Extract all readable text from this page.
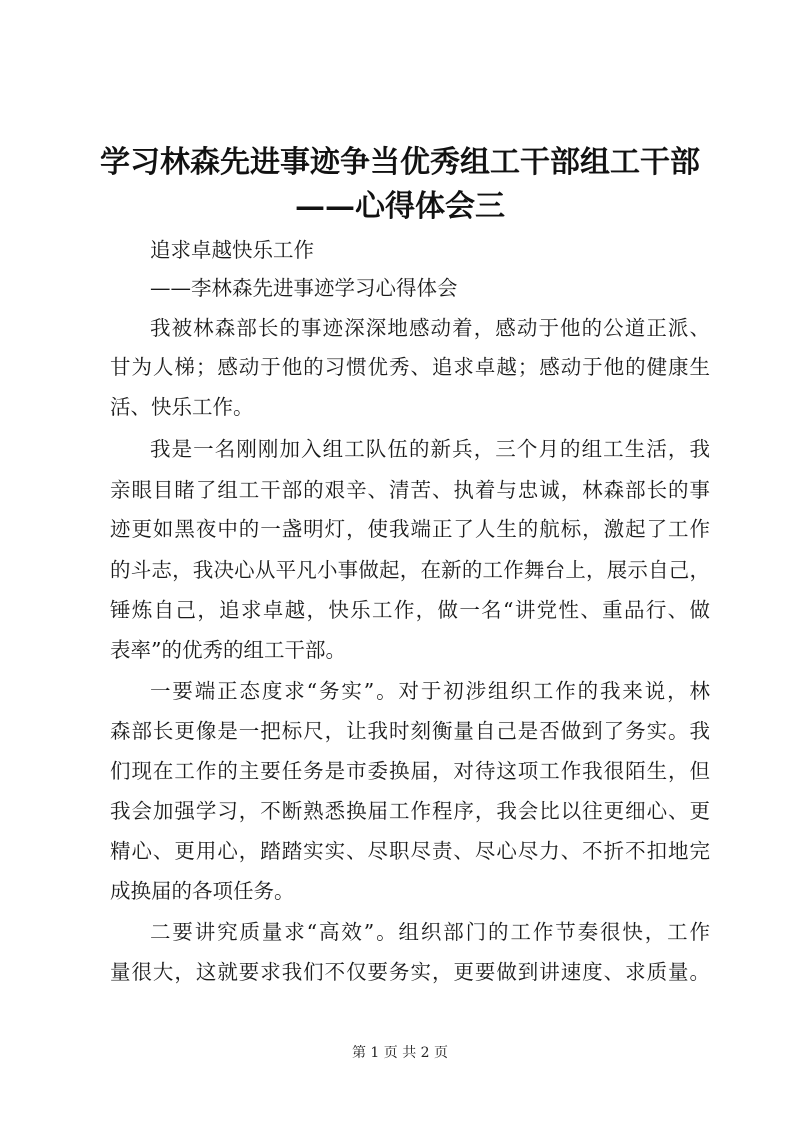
学习林森先进事迹争当优秀组工干部组工干部
——心得体会三
追求卓越快乐工作
——李林森先进事迹学习心得体会
我被林森部长的事迹深深地感动着，感动于他的公道正派、
甘为人梯；感动于他的习惯优秀、追求卓越；感动于他的健康生
活、快乐工作。
我是一名刚刚加入组工队伍的新兵，三个月的组工生活，我
亲眼目睹了组工干部的艰辛、清苦、执着与忠诚，林森部长的事
迹更如黑夜中的一盏明灯，使我端正了人生的航标，激起了工作
的斗志，我决心从平凡小事做起，在新的工作舞台上，展示自己，
锤炼自己，追求卓越，快乐工作，做一名“讲党性、重品行、做
表率”的优秀的组工干部。
一要端正态度求“务实”。对于初涉组织工作的我来说，林
森部长更像是一把标尺，让我时刻衡量自己是否做到了务实。我
们现在工作的主要任务是市委换届，对待这项工作我很陌生，但
我会加强学习，不断熟悉换届工作程序，我会比以往更细心、更
精心、更用心，踏踏实实、尽职尽责、尽心尽力、不折不扣地完
成换届的各项任务。
二要讲究质量求“高效”。组织部门的工作节奏很快，工作
量很大，这就要求我们不仅要务实，更要做到讲速度、求质量。
第 1 页 共 2 页
